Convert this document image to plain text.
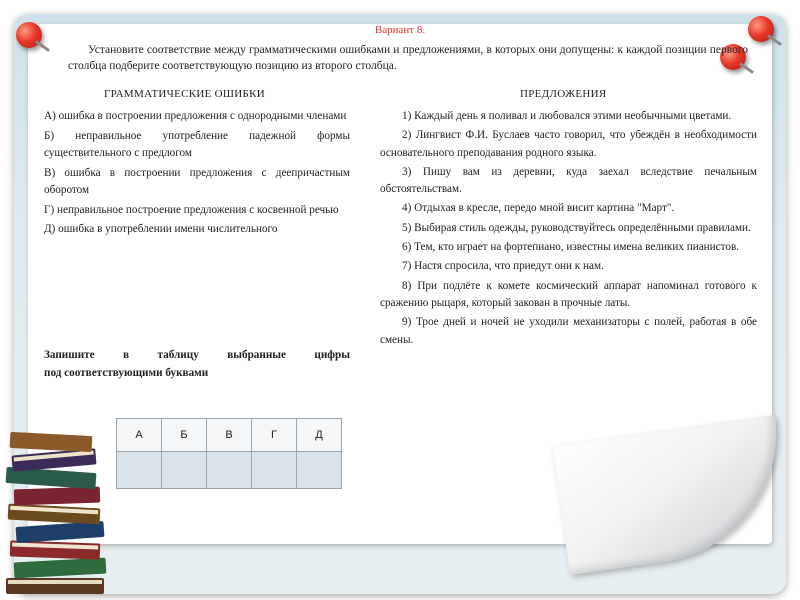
Вариант 8.
Установите соответствие между грамматическими ошибками и предложениями, в которых они допущены: к каждой позиции первого столбца подберите соответствующую позицию из второго столбца.
ГРАММАТИЧЕСКИЕ ОШИБКИ	ПРЕДЛОЖЕНИЯ

А) ошибка в построении предложения с однородными членами

Б) неправильное употребление падежной формы существительного с предлогом

В) ошибка в построении предложения с деепричастным оборотом

Г) неправильное построение предложения с косвенной речью

Д) ошибка в употреблении имени числительного

1) Каждый день я поливал и любовался этими необычными цветами.

2) Лингвист Ф.И. Буслаев часто говорил, что убеждён в необходимости основательного преподавания родного языка.

3) Пишу вам из деревни, куда заехал вследствие печальным обстоятельствам.

4) Отдыхая в кресле, передо мной висит картина "Март".

5) Выбирая стиль одежды, руководствуйтесь определёнными правилами.

6) Тем, кто играет на фортепиано, известны имена великих пианистов.

7) Настя спросила, что приедут они к нам.

8) При подлёте к комете космический аппарат напоминал готового к сражению рыцаря, который закован в прочные латы.

9) Трое дней и ночей не уходили механизаторы с полей, работая в обе смены.

Запишите в таблицу выбранные цифры
под соответствующими буквами
А	Б	В	Г	Д
